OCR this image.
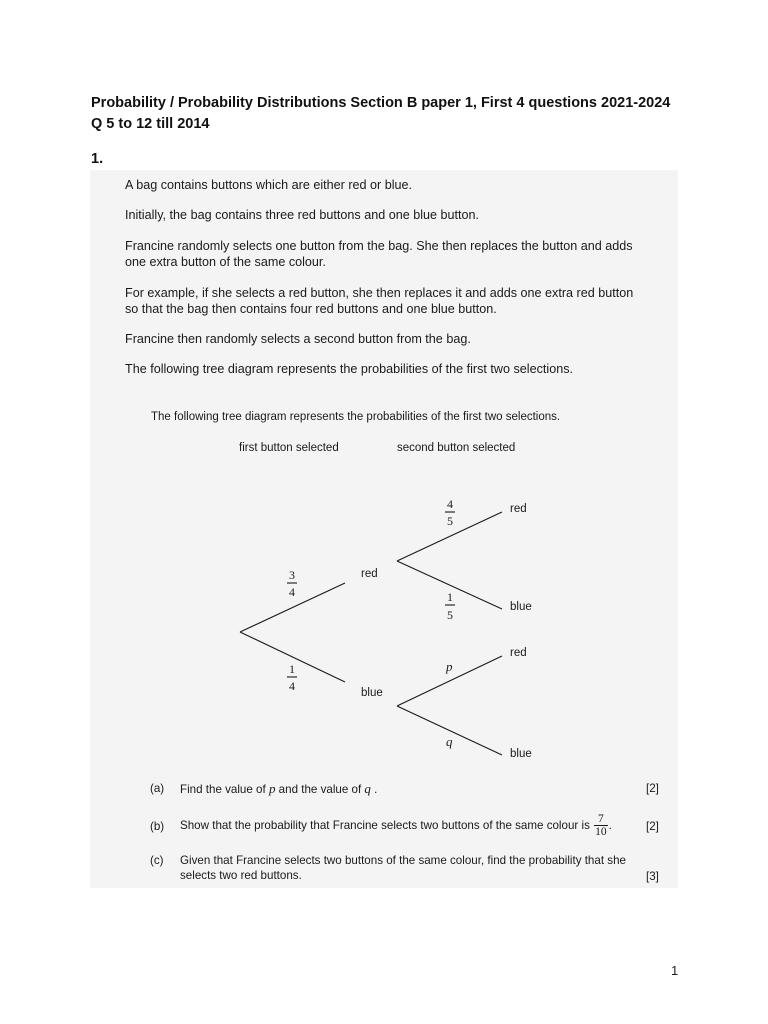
Probability / Probability Distributions Section B paper 1, First 4 questions 2021-2024
Q 5 to 12 till 2014
1.
A bag contains buttons which are either red or blue.
Initially, the bag contains three red buttons and one blue button.
Francine randomly selects one button from the bag. She then replaces the button and adds one extra button of the same colour.
For example, if she selects a red button, she then replaces it and adds one extra red button so that the bag then contains four red buttons and one blue button.
Francine then randomly selects a second button from the bag.
The following tree diagram represents the probabilities of the first two selections.
The following tree diagram represents the probabilities of the first two selections.
first button selected	second button selected
3
4
1
4
red
blue
4
5
1
5
p
q
red
blue
red
blue
(a) Find the value of p and the value of q .	[2]
(b) Show that the probability that Francine selects two buttons of the same colour is $\frac{7}{10}$ .	[2]
(c) Given that Francine selects two buttons of the same colour, find the probability that she
selects two red buttons.	[3]
1
